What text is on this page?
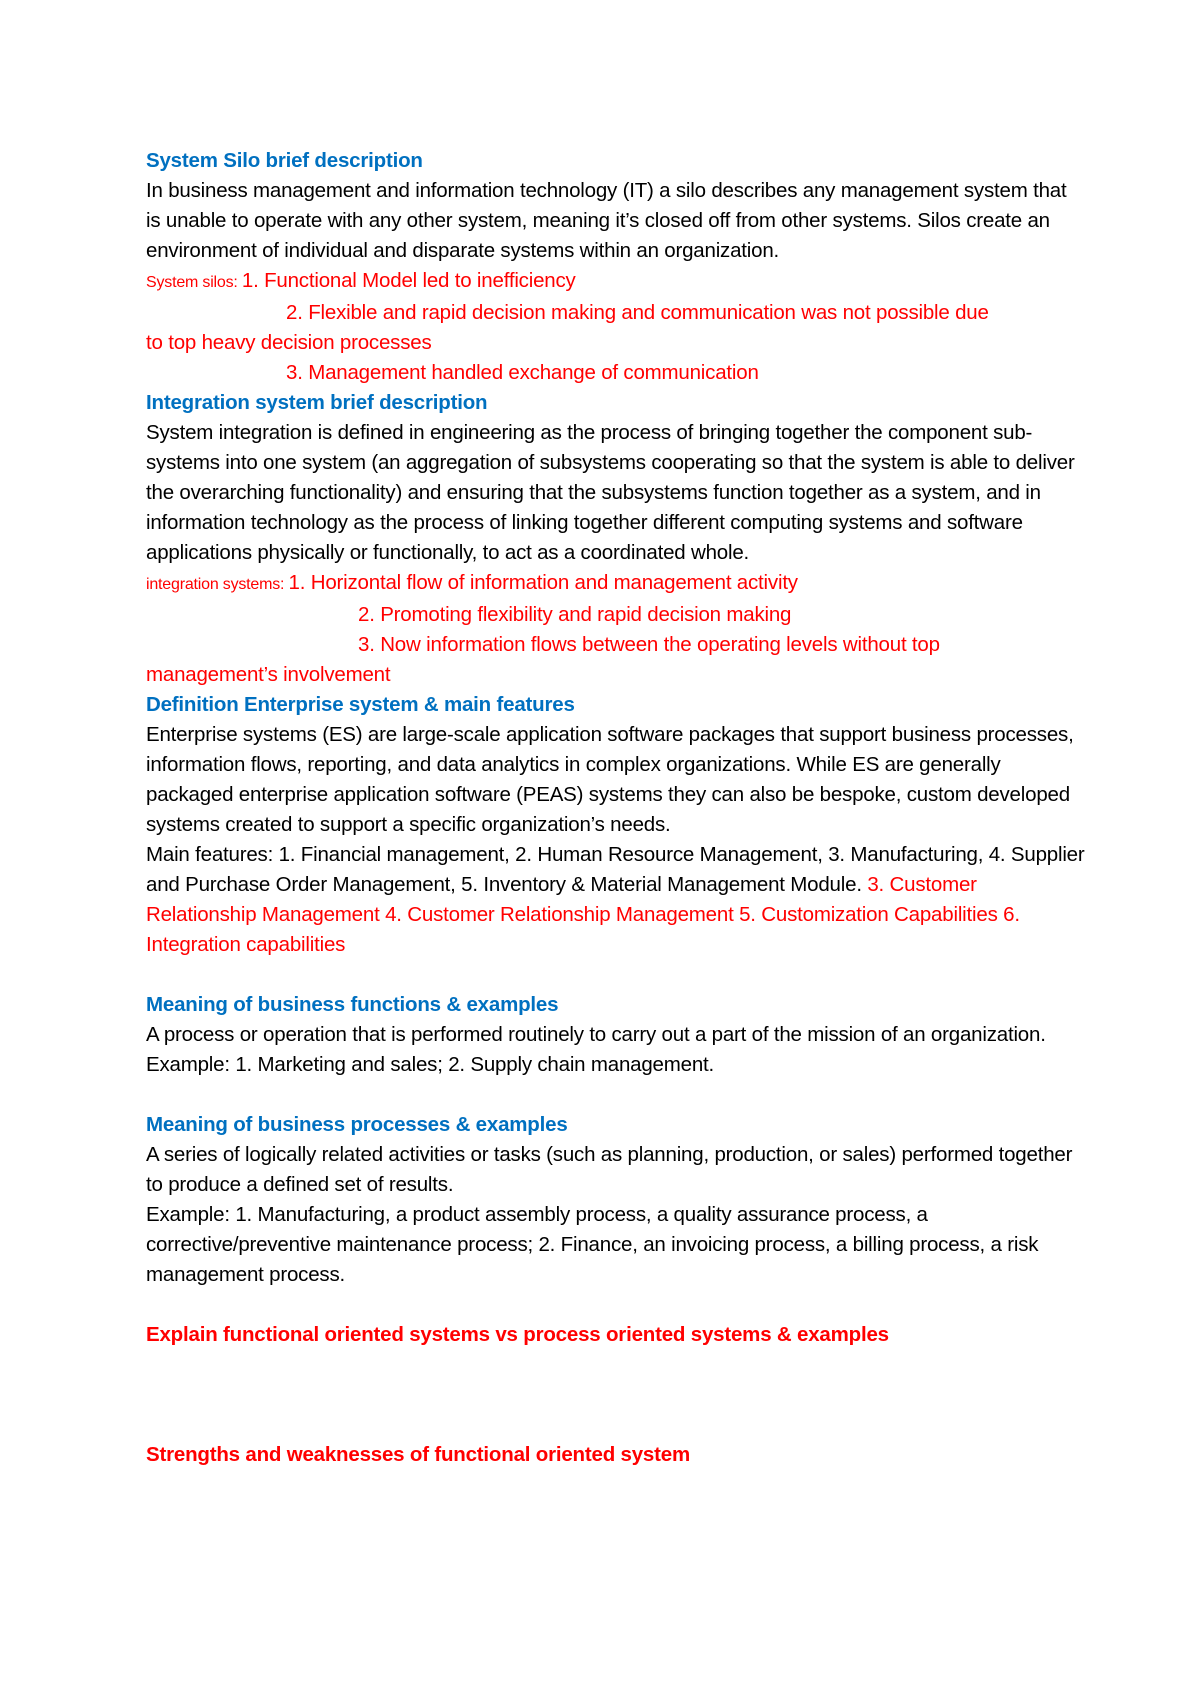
System Silo brief description

In business management and information technology (IT) a silo describes any management system that is unable to operate with any other system, meaning it’s closed off from other systems. Silos create an environment of individual and disparate systems within an organization.

System silos: 1. Functional Model led to inefficiency

2. Flexible and rapid decision making and communication was not possible due

to top heavy decision processes

3. Management handled exchange of communication

Integration system brief description

System integration is defined in engineering as the process of bringing together the component sub-systems into one system (an aggregation of subsystems cooperating so that the system is able to deliver the overarching functionality) and ensuring that the subsystems function together as a system, and in information technology as the process of linking together different computing systems and software applications physically or functionally, to act as a coordinated whole.

integration systems: 1. Horizontal flow of information and management activity

2. Promoting flexibility and rapid decision making

3. Now information flows between the operating levels without top

management’s involvement

Definition Enterprise system & main features

Enterprise systems (ES) are large-scale application software packages that support business processes, information flows, reporting, and data analytics in complex organizations. While ES are generally packaged enterprise application software (PEAS) systems they can also be bespoke, custom developed systems created to support a specific organization’s needs.

Main features: 1. Financial management, 2. Human Resource Management, 3. Manufacturing, 4. Supplier and Purchase Order Management, 5. Inventory & Material Management Module. 3. Customer Relationship Management 4. Customer Relationship Management 5. Customization Capabilities 6. Integration capabilities

Meaning of business functions & examples

A process or operation that is performed routinely to carry out a part of the mission of an organization.

Example: 1. Marketing and sales; 2. Supply chain management.

Meaning of business processes & examples

A series of logically related activities or tasks (such as planning, production, or sales) performed together to produce a defined set of results.

Example: 1. Manufacturing, a product assembly process, a quality assurance process, a corrective/preventive maintenance process; 2. Finance, an invoicing process, a billing process, a risk management process.

Explain functional oriented systems vs process oriented systems & examples

Strengths and weaknesses of functional oriented system
